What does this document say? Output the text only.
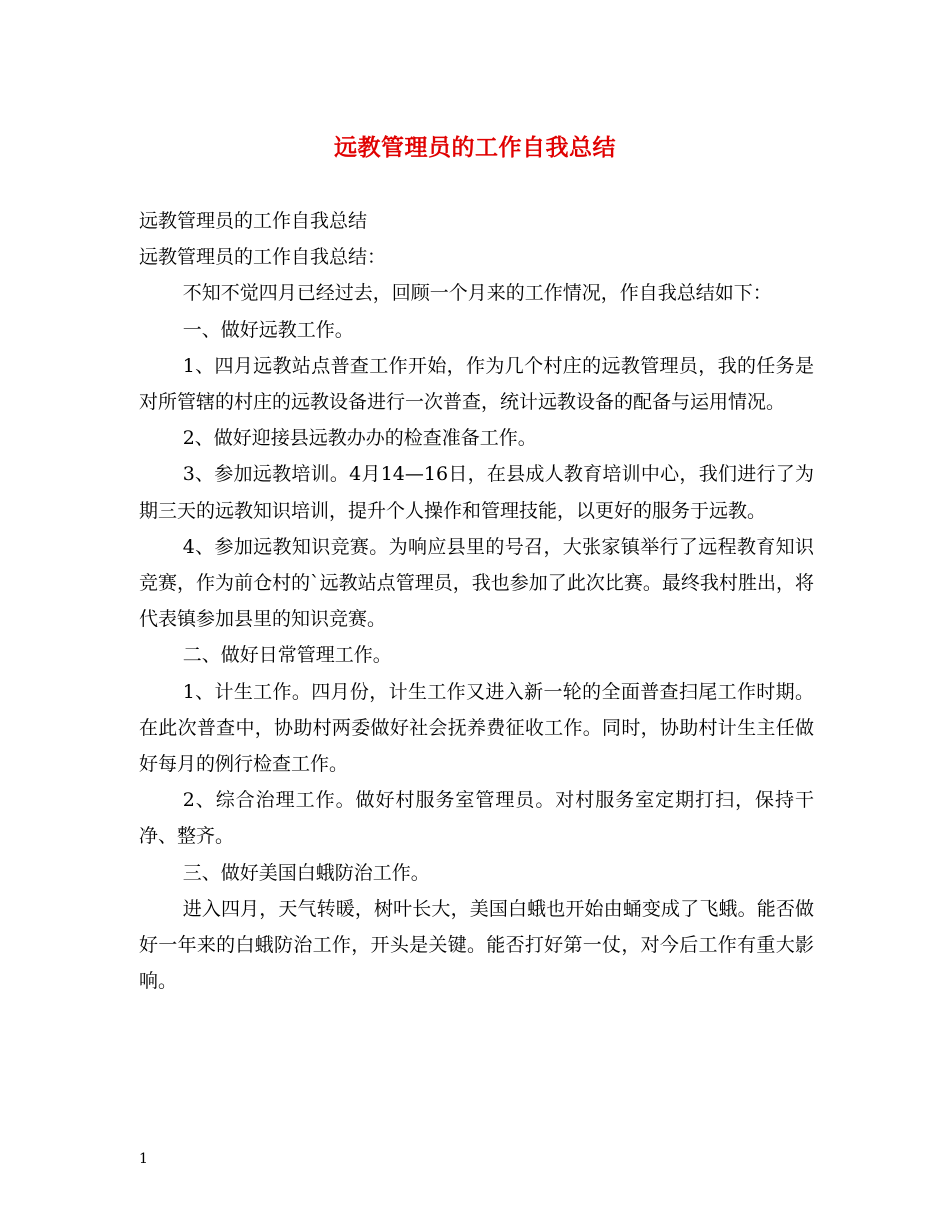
远教管理员的工作自我总结

远教管理员的工作自我总结

远教管理员的工作自我总结：

不知不觉四月已经过去，回顾一个月来的工作情况，作自我总结如下：

一、做好远教工作。

1、四月远教站点普查工作开始，作为几个村庄的远教管理员，我的任务是对所管辖的村庄的远教设备进行一次普查，统计远教设备的配备与运用情况。

2、做好迎接县远教办办的检查准备工作。

3、参加远教培训。4月14—16日，在县成人教育培训中心，我们进行了为期三天的远教知识培训，提升个人操作和管理技能，以更好的服务于远教。

4、参加远教知识竞赛。为响应县里的号召，大张家镇举行了远程教育知识竞赛，作为前仓村的`远教站点管理员，我也参加了此次比赛。最终我村胜出，将代表镇参加县里的知识竞赛。

二、做好日常管理工作。

1、计生工作。四月份，计生工作又进入新一轮的全面普查扫尾工作时期。在此次普查中，协助村两委做好社会抚养费征收工作。同时，协助村计生主任做好每月的例行检查工作。

2、综合治理工作。做好村服务室管理员。对村服务室定期打扫，保持干净、整齐。

三、做好美国白蛾防治工作。

进入四月，天气转暖，树叶长大，美国白蛾也开始由蛹变成了飞蛾。能否做好一年来的白蛾防治工作，开头是关键。能否打好第一仗，对今后工作有重大影响。

1
